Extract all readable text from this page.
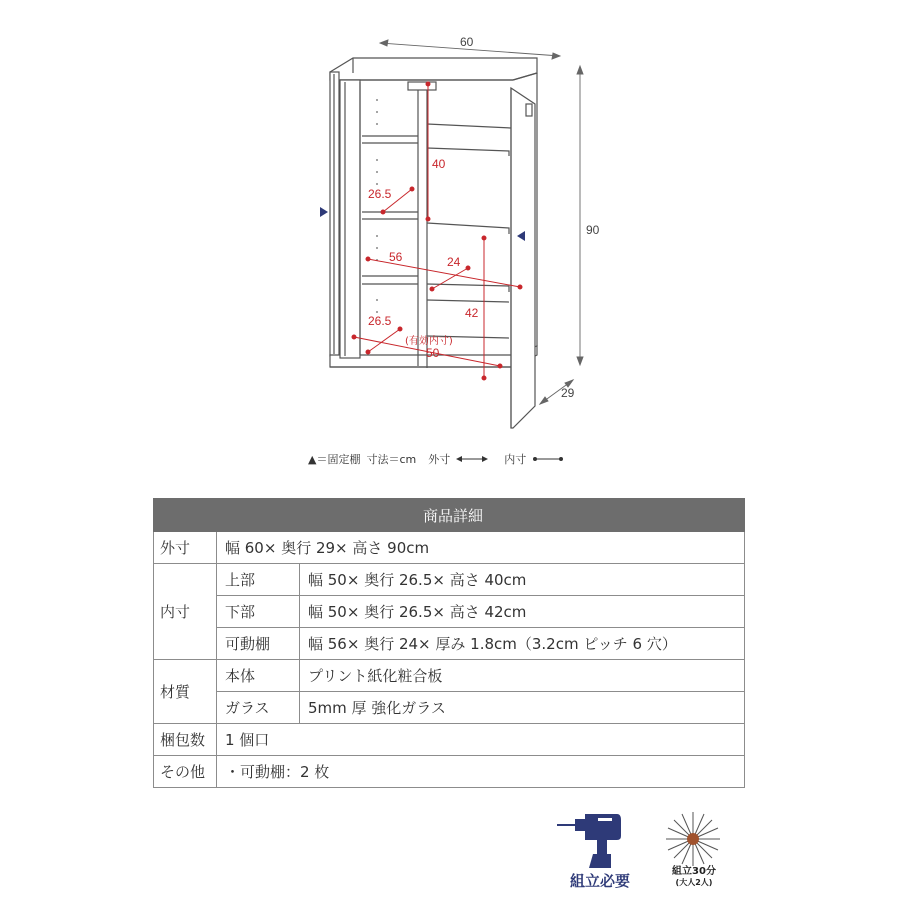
60
90
29
40
26.5
56	24
42
26.5
(有効内寸)
50
▲＝固定棚 寸法＝cm 外寸	内寸
商品詳細		
外寸	幅 60× 奥行 29× 高さ 90cm	
内寸	上部	幅 50× 奥行 26.5× 高さ 40cm
	下部	幅 50× 奥行 26.5× 高さ 42cm
	可動棚	幅 56× 奥行 24× 厚み 1.8cm（3.2cm ピッチ 6 穴）
材質	本体	プリント紙化粧合板
	ガラス	5mm 厚 強化ガラス
梱包数	1 個口	
その他	・可動棚：2 枚	
組立必要
組立30分
(大人2人)
